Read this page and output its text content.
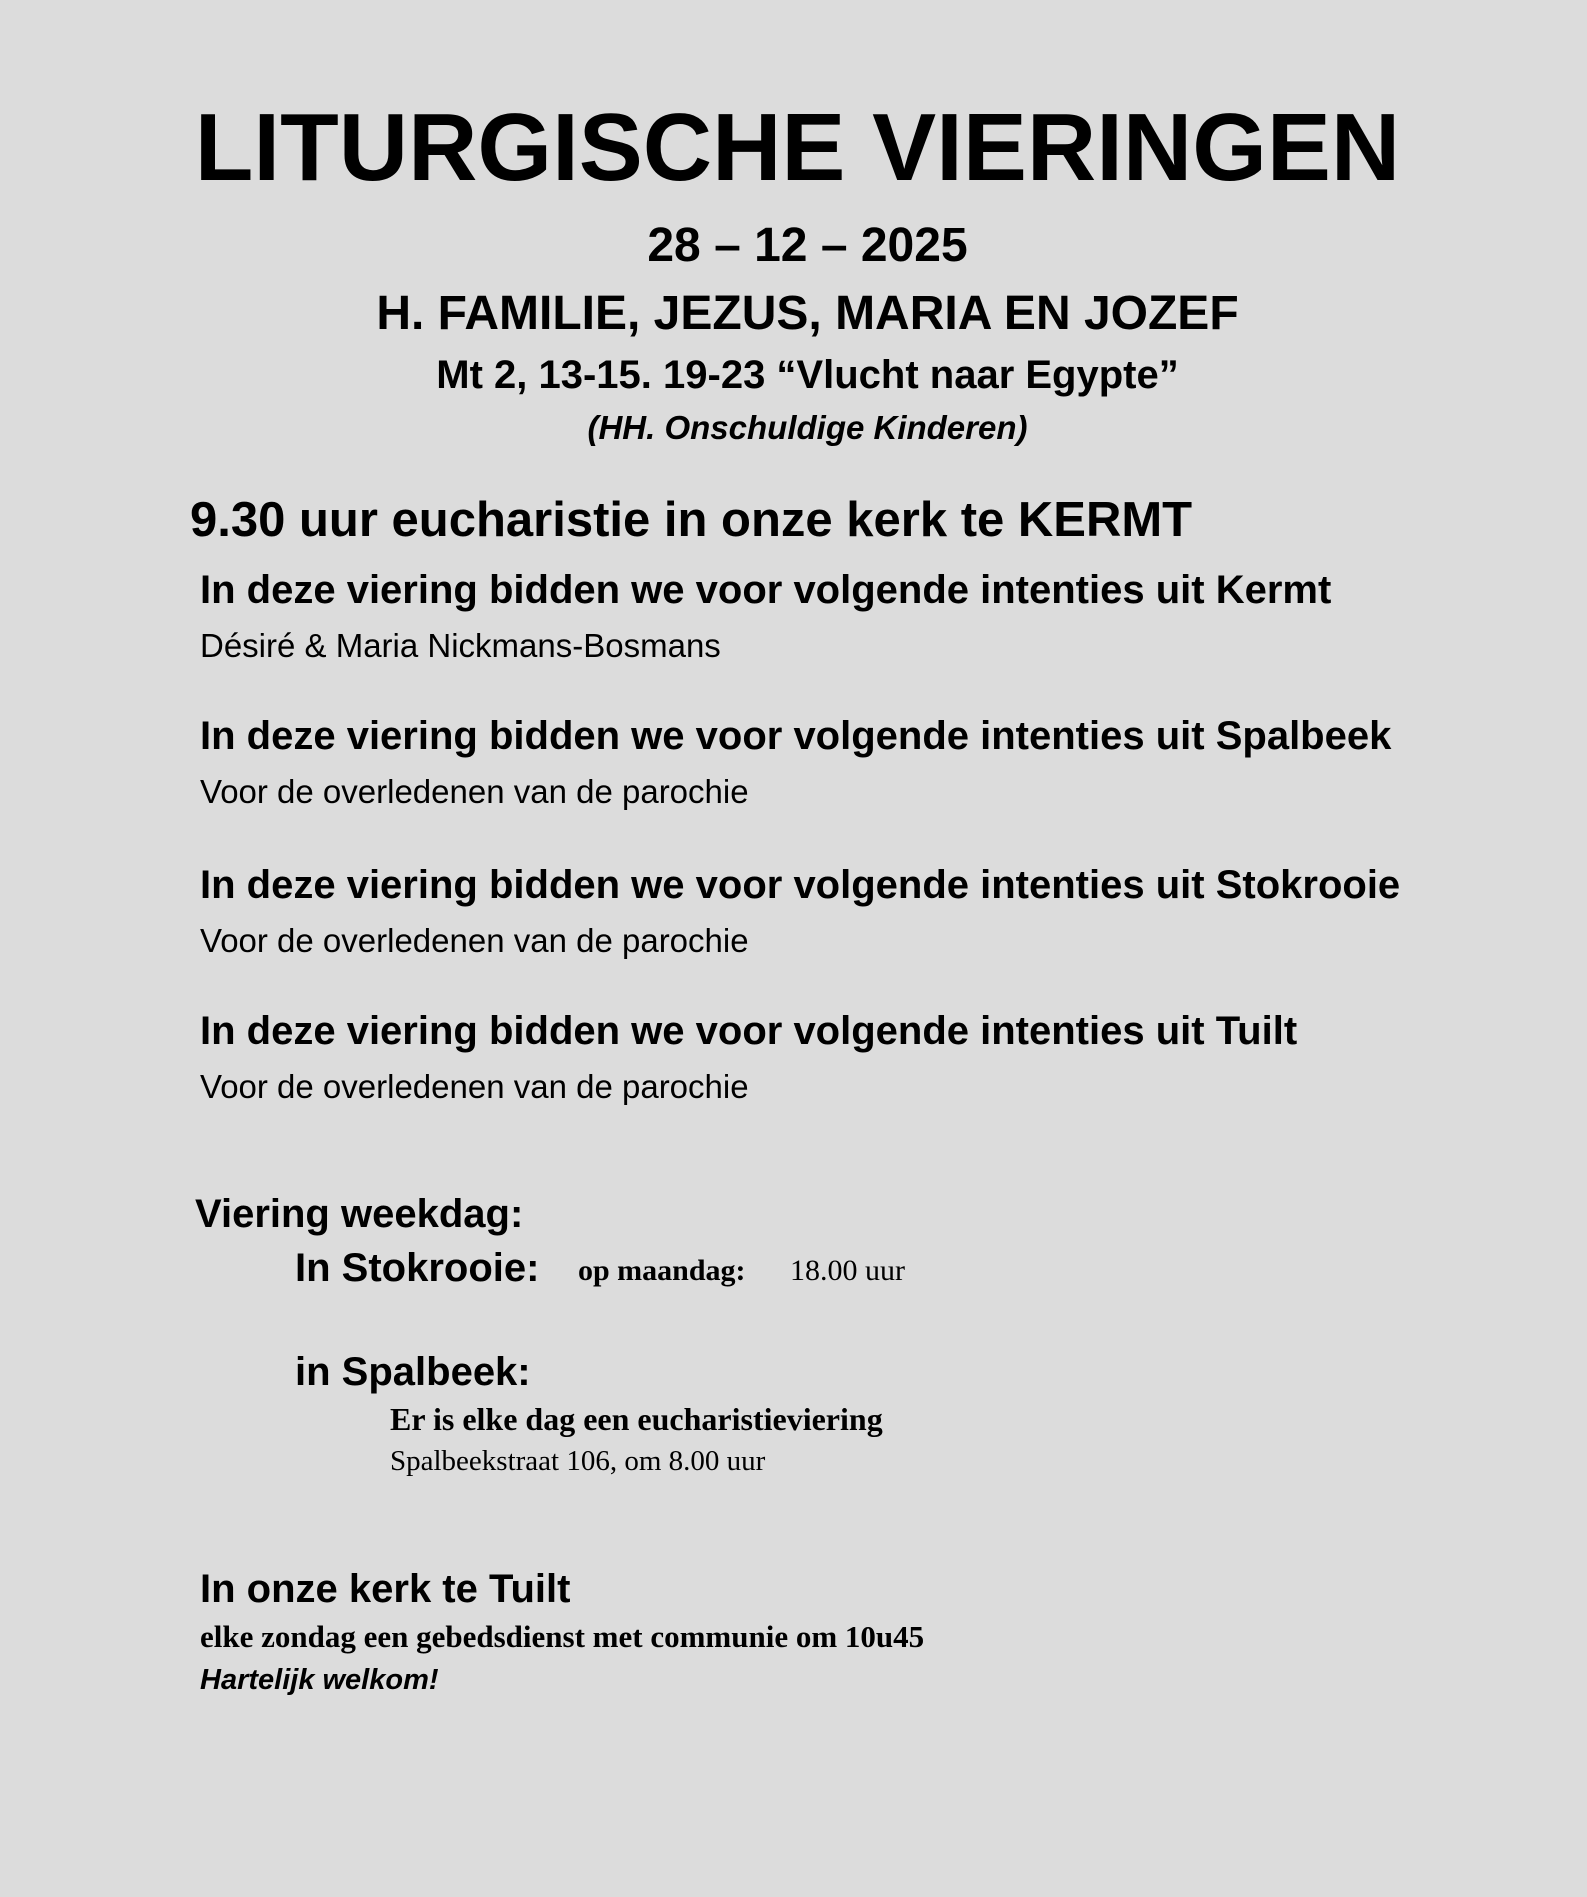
LITURGISCHE VIERINGEN
28 – 12 – 2025
H. FAMILIE, JEZUS, MARIA EN JOZEF
Mt 2, 13-15. 19-23 “Vlucht naar Egypte”
(HH. Onschuldige Kinderen)
9.30 uur eucharistie in onze kerk te KERMT
In deze viering bidden we voor volgende intenties uit Kermt
Désiré & Maria Nickmans-Bosmans
In deze viering bidden we voor volgende intenties uit Spalbeek
Voor de overledenen van de parochie
In deze viering bidden we voor volgende intenties uit Stokrooie
Voor de overledenen van de parochie
In deze viering bidden we voor volgende intenties uit Tuilt
Voor de overledenen van de parochie
Viering weekdag:
In Stokrooie: op maandag: 18.00 uur
in Spalbeek:
Er is elke dag een eucharistieviering
Spalbeekstraat 106, om 8.00 uur
In onze kerk te Tuilt
elke zondag een gebedsdienst met communie om 10u45
Hartelijk welkom!
